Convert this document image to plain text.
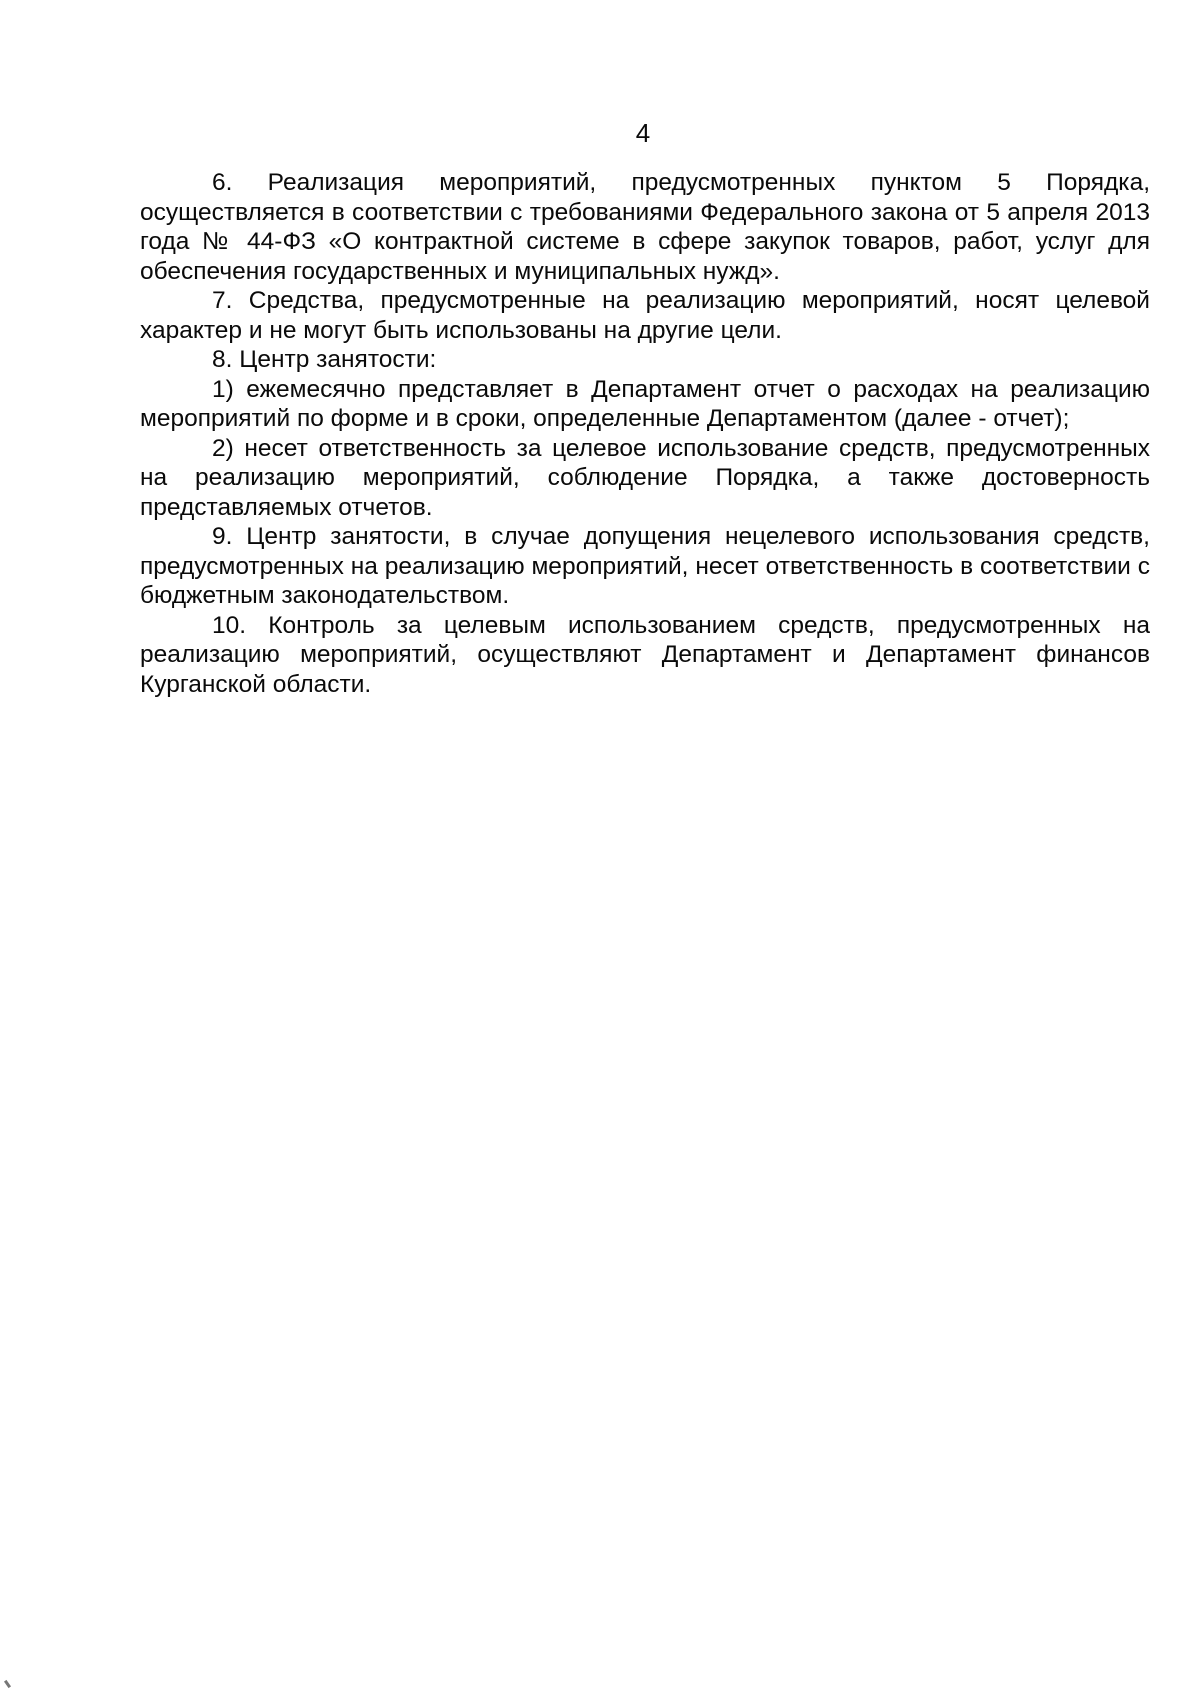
4

6. Реализация мероприятий, предусмотренных пунктом 5 Порядка, осуществляется в соответствии с требованиями Федерального закона от 5 апреля 2013 года № 44-ФЗ «О контрактной системе в сфере закупок товаров, работ, услуг для обеспечения государственных и муниципальных нужд».

7. Средства, предусмотренные на реализацию мероприятий, носят целевой характер и не могут быть использованы на другие цели.

8. Центр занятости:

1) ежемесячно представляет в Департамент отчет о расходах на реализацию мероприятий по форме и в сроки, определенные Департаментом (далее - отчет);

2) несет ответственность за целевое использование средств, предусмотренных на реализацию мероприятий, соблюдение Порядка, а также достоверность представляемых отчетов.

9. Центр занятости, в случае допущения нецелевого использования средств, предусмотренных на реализацию мероприятий, несет ответственность в соответствии с бюджетным законодательством.

10. Контроль за целевым использованием средств, предусмотренных на реализацию мероприятий, осуществляют Департамент и Департамент финансов Курганской области.
